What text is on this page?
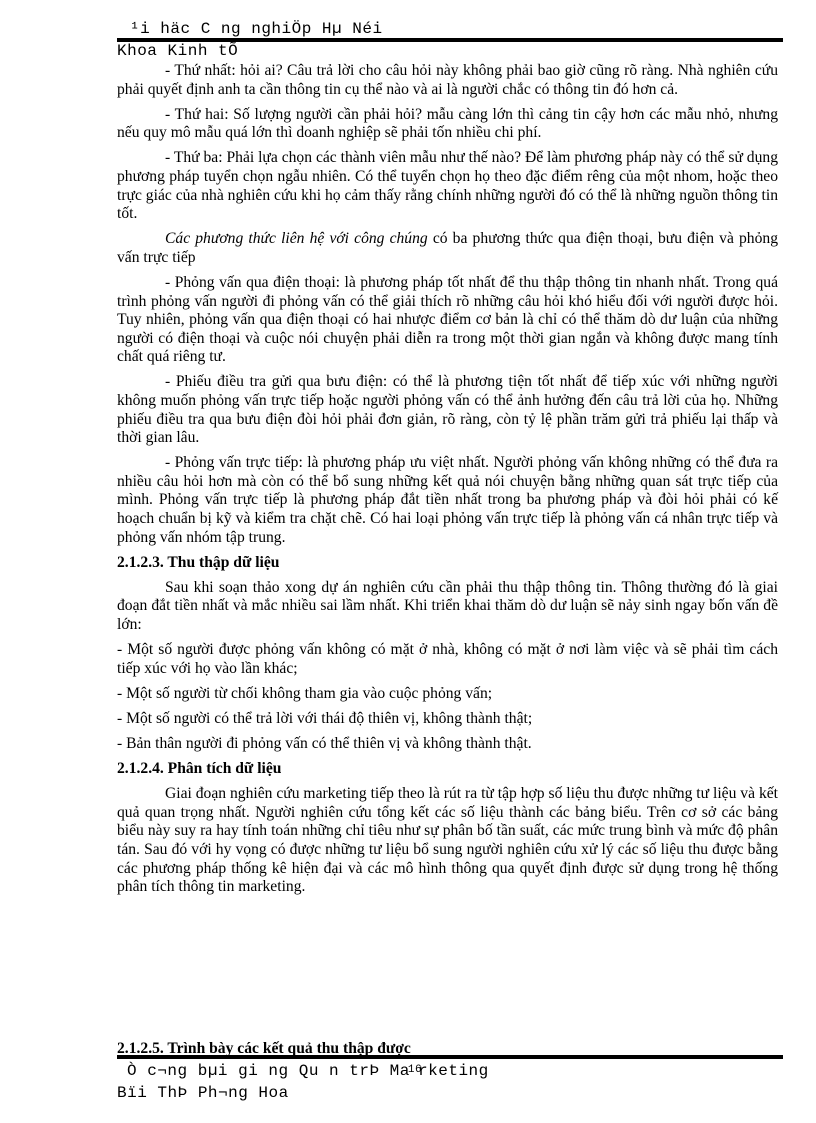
¹i häc C ng nghiÖp Hµ Néi
Khoa Kinh tÕ

- Thứ nhất: hỏi ai? Câu trả lời cho câu hỏi này không phải bao giờ cũng rõ ràng. Nhà nghiên cứu phải quyết định anh ta cần thông tin cụ thể nào và ai là người chắc có thông tin đó hơn cả.

- Thứ hai: Số lượng người cần phải hỏi? mẫu càng lớn thì cảng tin cậy hơn các mẫu nhỏ, nhưng nếu quy mô mẫu quá lớn thì doanh nghiệp sẽ phải tốn nhiều chi phí.

- Thứ ba: Phải lựa chọn các thành viên mẫu như thế nào? Để làm phương pháp này có thể sử dụng phương pháp tuyển chọn ngẫu nhiên. Có thể tuyển chọn họ theo đặc điểm rêng của một nhom, hoặc theo trực giác của nhà nghiên cứu khi họ cảm thấy rằng chính những người đó có thể là những nguồn thông tin tốt.

Các phương thức liên hệ với công chúng có ba phương thức qua điện thoại, bưu điện và phỏng vấn trực tiếp

- Phỏng vấn qua điện thoại: là phương pháp tốt nhất để thu thập thông tin nhanh nhất. Trong quá trình phỏng vấn người đi phỏng vấn có thể giải thích rõ những câu hỏi khó hiểu đối với người được hỏi. Tuy nhiên, phỏng vấn qua điện thoại có hai nhược điểm cơ bản là chỉ có thể thăm dò dư luận của những người có điện thoại và cuộc nói chuyện phải diễn ra trong một thời gian ngắn và không được mang tính chất quá riêng tư.

- Phiếu điều tra gửi qua bưu điện: có thể là phương tiện tốt nhất để tiếp xúc với những người không muốn phỏng vấn trực tiếp hoặc người phỏng vấn có thể ảnh hưởng đến câu trả lời của họ. Những phiếu điều tra qua bưu điện đòi hỏi phải đơn giản, rõ ràng, còn tỷ lệ phần trăm gửi trả phiếu lại thấp và thời gian lâu.

- Phỏng vấn trực tiếp: là phương pháp ưu việt nhất. Người phỏng vấn không những có thể đưa ra nhiều câu hỏi hơn mà còn có thể bổ sung những kết quả nói chuyện bằng những quan sát trực tiếp của mình. Phỏng vấn trực tiếp là phương pháp đắt tiền nhất trong ba phương pháp và đòi hỏi phải có kế hoạch chuẩn bị kỹ và kiểm tra chặt chẽ. Có hai loại phỏng vấn trực tiếp là phỏng vấn cá nhân trực tiếp và phỏng vấn nhóm tập trung.

2.1.2.3. Thu thập dữ liệu

Sau khi soạn thảo xong dự án nghiên cứu cần phải thu thập thông tin. Thông thường đó là giai đoạn đắt tiền nhất và mắc nhiều sai lầm nhất. Khi triển khai thăm dò dư luận sẽ nảy sinh ngay bốn vấn đề lớn:

- Một số người được phỏng vấn không có mặt ở nhà, không có mặt ở nơi làm việc và sẽ phải tìm cách tiếp xúc với họ vào lần khác;

- Một số người từ chối không tham gia vào cuộc phỏng vấn;

- Một số người có thể trả lời với thái độ thiên vị, không thành thật;

- Bản thân người đi phỏng vấn có thể thiên vị và không thành thật.

2.1.2.4. Phân tích dữ liệu

Giai đoạn nghiên cứu marketing tiếp theo là rút ra từ tập hợp số liệu thu được những tư liệu và kết quả quan trọng nhất. Người nghiên cứu tổng kết các số liệu thành các bảng biểu. Trên cơ sở các bảng biểu này suy ra hay tính toán những chỉ tiêu như sự phân bố tần suất, các mức trung bình và mức độ phân tán. Sau đó với hy vọng có được những tư liệu bổ sung người nghiên cứu xử lý các số liệu thu được bằng các phương pháp thống kê hiện đại và các mô hình thông qua quyết định được sử dụng trong hệ thống phân tích thông tin marketing.

2.1.2.5. Trình bày các kết quả thu thập được
Ò c¬ng bµi gi ng Qu n trÞ Ma16rketing
Bïi ThÞ Ph¬ng Hoa
